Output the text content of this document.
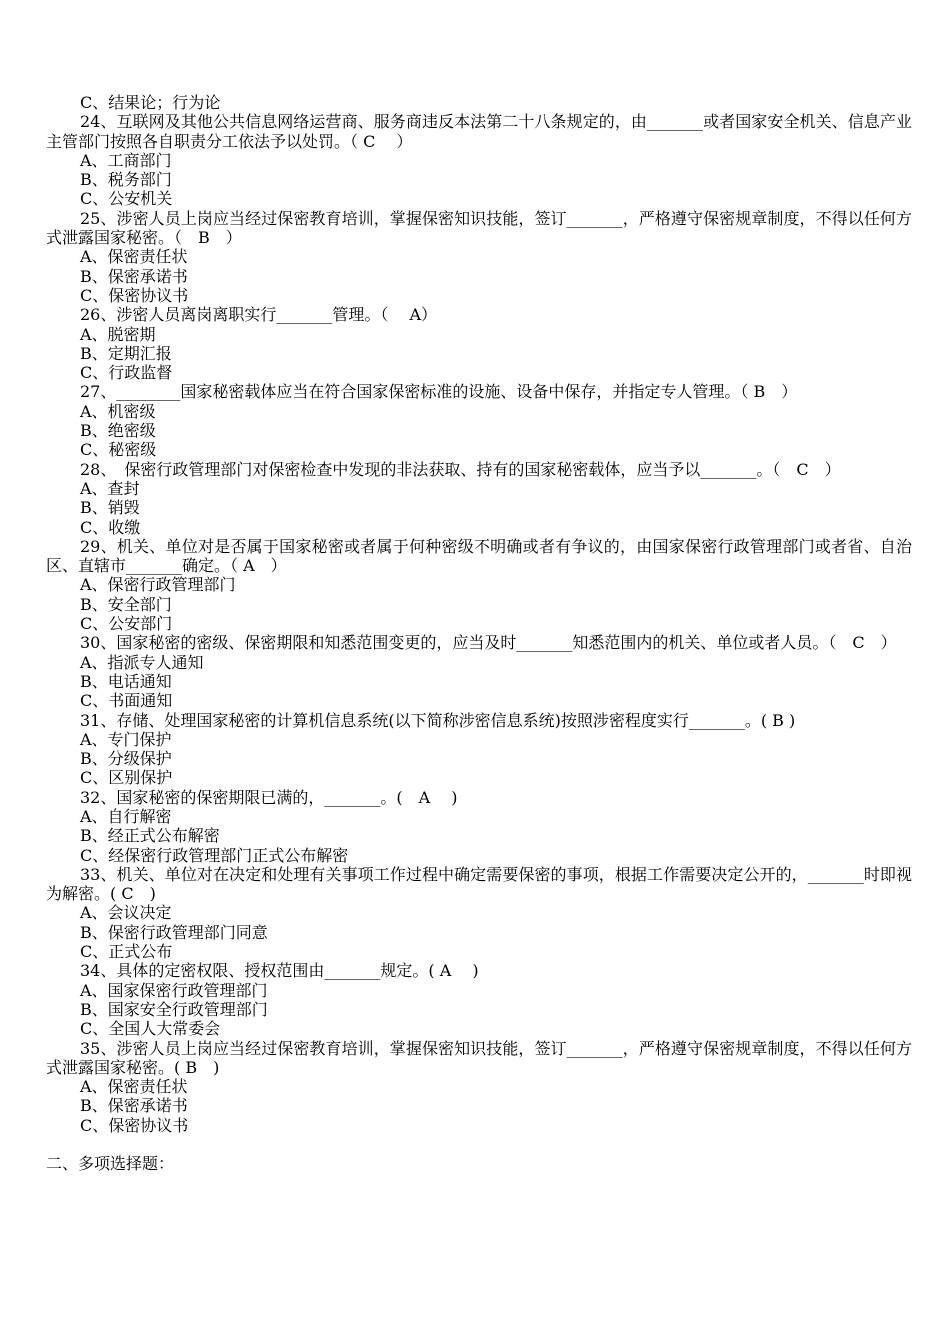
C、结果论；行为论
24、互联网及其他公共信息网络运营商、服务商违反本法第二十八条规定的，由_______或者国家安全机关、信息产业主管部门按照各自职责分工依法予以处罚。（ C　 ）
A、工商部门
B、税务部门
C、公安机关
25、涉密人员上岗应当经过保密教育培训，掌握保密知识技能，签订_______，严格遵守保密规章制度，不得以任何方式泄露国家秘密。（　B　）
A、保密责任状
B、保密承诺书
C、保密协议书
26、涉密人员离岗离职实行_______管理。（　 A）
A、脱密期
B、定期汇报
C、行政监督
27、________国家秘密载体应当在符合国家保密标准的设施、设备中保存，并指定专人管理。（ B　）
A、机密级
B、绝密级
C、秘密级
28、　保密行政管理部门对保密检查中发现的非法获取、持有的国家秘密载体，应当予以_______。（　C　）
A、查封
B、销毁
C、收缴
29、机关、单位对是否属于国家秘密或者属于何种密级不明确或者有争议的，由国家保密行政管理部门或者省、自治区、直辖市_______确定。（ A　）
A、保密行政管理部门
B、安全部门
C、公安部门
30、国家秘密的密级、保密期限和知悉范围变更的，应当及时_______知悉范围内的机关、单位或者人员。（　C　）
A、指派专人通知
B、电话通知
C、书面通知
31、存储、处理国家秘密的计算机信息系统(以下简称涉密信息系统)按照涉密程度实行_______。( B )
A、专门保护
B、分级保护
C、区别保护
32、国家秘密的保密期限已满的，_______。(　A　 )
A、自行解密
B、经正式公布解密
C、经保密行政管理部门正式公布解密
33、机关、单位对在决定和处理有关事项工作过程中确定需要保密的事项，根据工作需要决定公开的，_______时即视为解密。( C　)
A、会议决定
B、保密行政管理部门同意
C、正式公布
34、具体的定密权限、授权范围由_______规定。( A　 )
A、国家保密行政管理部门
B、国家安全行政管理部门
C、全国人大常委会
35、涉密人员上岗应当经过保密教育培训，掌握保密知识技能，签订_______，严格遵守保密规章制度，不得以任何方式泄露国家秘密。( B　)
A、保密责任状
B、保密承诺书
C、保密协议书
二、多项选择题：
